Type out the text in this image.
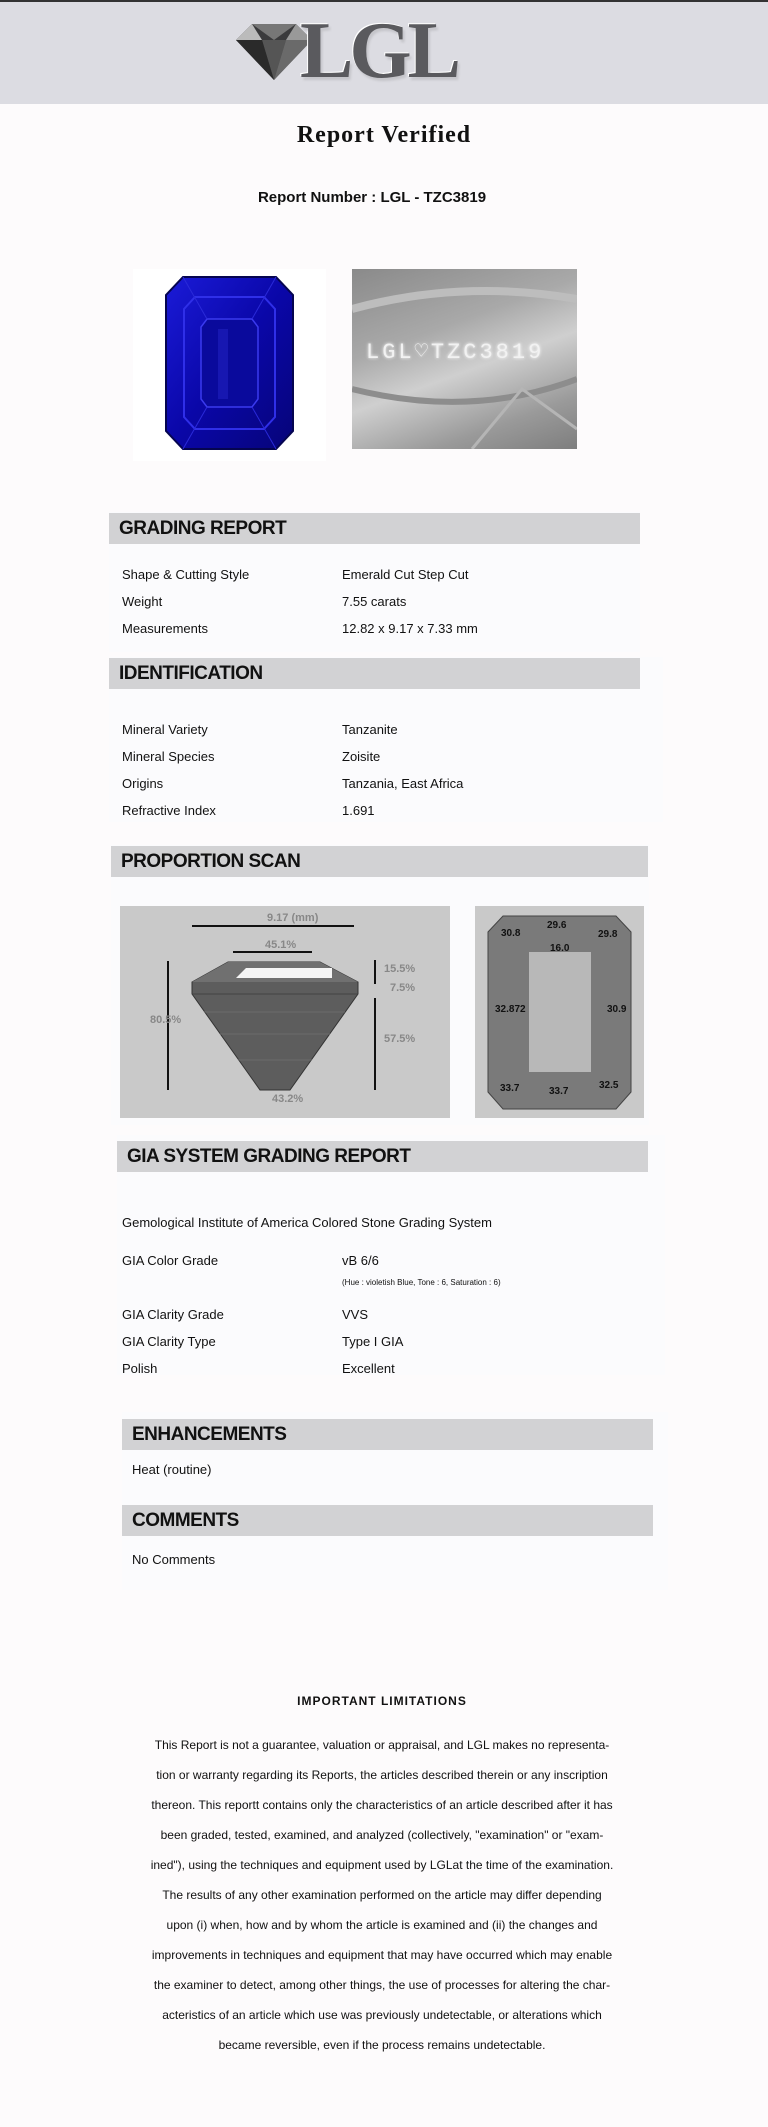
LGL
Report Verified
Report Number : LGL - TZC3819
LGL♡TZC3819
GRADING REPORT
Shape & Cutting Style	Emerald Cut Step Cut
Weight	7.55 carats
Measurements	12.82 x 9.17 x 7.33 mm
IDENTIFICATION
Mineral Variety	Tanzanite
Mineral Species	Zoisite
Origins	Tanzania, East Africa
Refractive Index	1.691
PROPORTION SCAN
9.17 (mm)
45.1%
80.5%
15.5%
7.5%
57.5%
43.2%
30.8
29.6
29.8
16.0
32.872	30.9
33.7	33.7
32.5
GIA SYSTEM GRADING REPORT
Gemological Institute of America Colored Stone Grading System
GIA Color Grade	vB 6/6
(Hue : violetish Blue, Tone : 6, Saturation : 6)
GIA Clarity Grade	VVS
GIA Clarity Type	Type I GIA
Polish	Excellent
ENHANCEMENTS
Heat (routine)
COMMENTS
No Comments
IMPORTANT LIMITATIONS
This Report is not a guarantee, valuation or appraisal, and LGL makes no representa-
tion or warranty regarding its Reports, the articles described therein or any inscription
thereon. This reportt contains only the characteristics of an article described after it has
been graded, tested, examined, and analyzed (collectively, "examination" or "exam-
ined"), using the techniques and equipment used by LGLat the time of the examination.
The results of any other examination performed on the article may differ depending
upon (i) when, how and by whom the article is examined and (ii) the changes and
improvements in techniques and equipment that may have occurred which may enable
the examiner to detect, among other things, the use of processes for altering the char-
acteristics of an article which use was previously undetectable, or alterations which
became reversible, even if the process remains undetectable.
